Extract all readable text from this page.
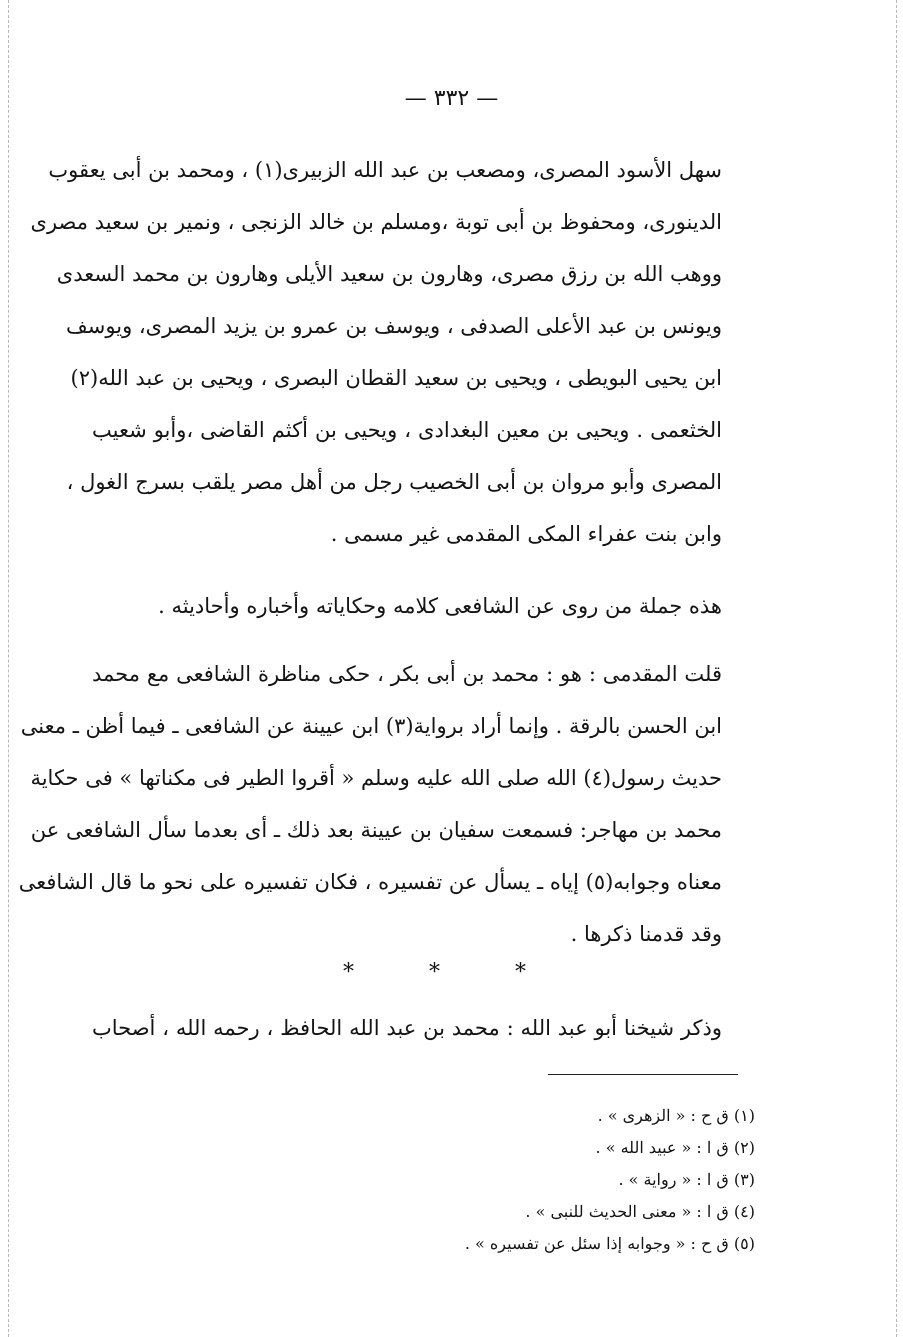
— ٣٣٢ —
سهل الأسود المصرى، ومصعب بن عبد الله الزبيرى(١) ، ومحمد بن أبى يعقوب
الدينورى، ومحفوظ بن أبى توبة ،ومسلم بن خالد الزنجى ، ونمير بن سعيد مصرى
ووهب الله بن رزق مصرى، وهارون بن سعيد الأيلى وهارون بن محمد السعدى
ويونس بن عبد الأعلى الصدفى ، ويوسف بن عمرو بن يزيد المصرى، ويوسف
ابن يحيى البويطى ، ويحيى بن سعيد القطان البصرى ، ويحيى بن عبد الله(٢)
الخثعمى . ويحيى بن معين البغدادى ، ويحيى بن أكثم القاضى ،وأبو شعيب
المصرى وأبو مروان بن أبى الخصيب رجل من أهل مصر يلقب بسرج الغول ،
وابن بنت عفراء المكى المقدمى غير مسمى .
هذه جملة من روى عن الشافعى كلامه وحكاياته وأخباره وأحاديثه .
قلت المقدمى : هو : محمد بن أبى بكر ، حكى مناظرة الشافعى مع محمد
ابن الحسن بالرقة . وإنما أراد برواية(٣) ابن عيينة عن الشافعى ـ فيما أظن ـ معنى
حديث رسول(٤) الله صلى الله عليه وسلم « أقروا الطير فى مكناتها » فى حكاية
محمد بن مهاجر: فسمعت سفيان بن عيينة بعد ذلك ـ أى بعدما سأل الشافعى عن
معناه وجوابه(٥) إياه ـ يسأل عن تفسيره ، فكان تفسيره على نحو ما قال الشافعى
وقد قدمنا ذكرها .
* * *
وذكر شيخنا أبو عبد الله : محمد بن عبد الله الحافظ ، رحمه الله ، أصحاب
(١) ق ح : « الزهرى » .
(٢) ق ا : « عبيد الله » .
(٣) ق ا : « رواية » .
(٤) ق ا : « معنى الحديث للنبى » .
(٥) ق ح : « وجوابه إذا سئل عن تفسيره » .
